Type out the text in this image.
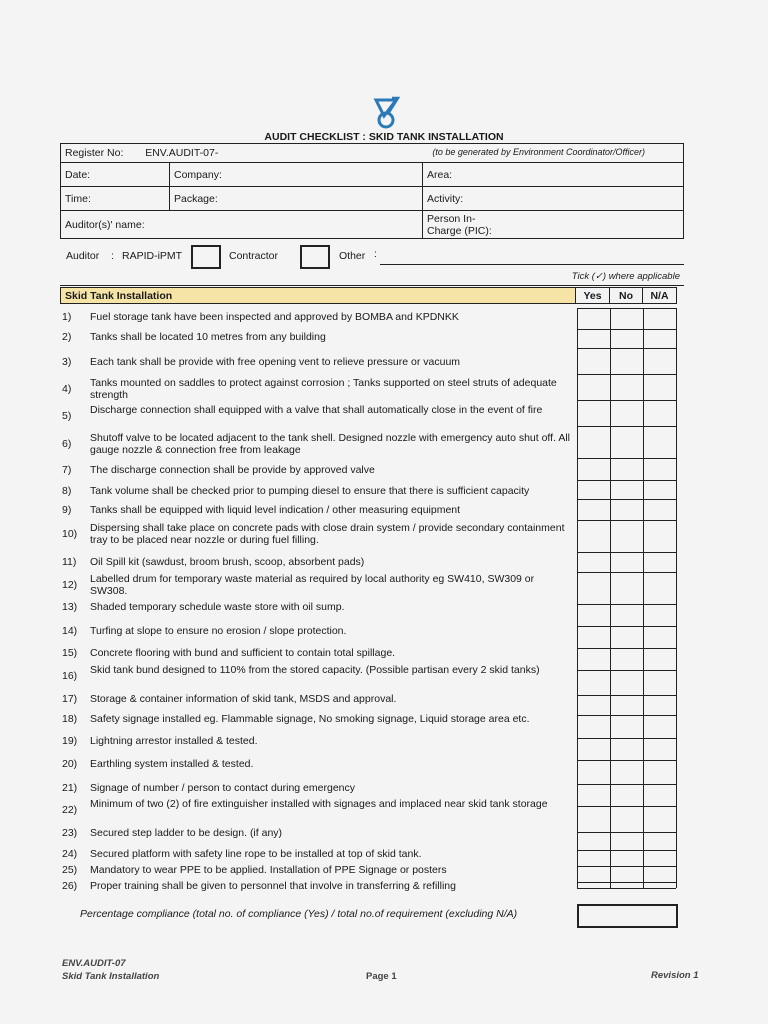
AUDIT CHECKLIST : SKID TANK INSTALLATION
Register No: ENV.AUDIT-07- (to be generated by Environment Coordinator/Officer)		

Date:	Company:	Area:
Time:	Package:	Activity:
Auditor(s)' name:		Person In-
Charge (PIC):
Auditor : RAPID-iPMT	Contractor	Other :
Tick (✓) where applicable
Skid Tank Installation	Yes	No	N/A
1)	Fuel storage tank have been inspected and approved by BOMBA and KPDNKK
2)	Tanks shall be located 10 metres from any building
3)	Each tank shall be provide with free opening vent to relieve pressure or vacuum
4)	Tanks mounted on saddles to protect against corrosion ; Tanks supported on steel struts of adequate strength
5)	Discharge connection shall equipped with a valve that shall automatically close in the event of fire
6)	Shutoff valve to be located adjacent to the tank shell. Designed nozzle with emergency auto shut off. All gauge nozzle & connection free from leakage
7)	The discharge connection shall be provide by approved valve
8)	Tank volume shall be checked prior to pumping diesel to ensure that there is sufficient capacity
9)	Tanks shall be equipped with liquid level indication / other measuring equipment
10)	Dispersing shall take place on concrete pads with close drain system / provide secondary containment tray to be placed near nozzle or during fuel filling.
11)	Oil Spill kit (sawdust, broom brush, scoop, absorbent pads)
12)	Labelled drum for temporary waste material as required by local authority eg SW410, SW309 or SW308.
13)	Shaded temporary schedule waste store with oil sump.
14)	Turfing at slope to ensure no erosion / slope protection.
15)	Concrete flooring with bund and sufficient to contain total spillage.
16)	Skid tank bund designed to 110% from the stored capacity. (Possible partisan every 2 skid tanks)
17)	Storage & container information of skid tank, MSDS and approval.
18)	Safety signage installed eg. Flammable signage, No smoking signage, Liquid storage area etc.
19)	Lightning arrestor installed & tested.
20)	Earthling system installed & tested.
21)	Signage of number / person to contact during emergency
22)	Minimum of two (2) of fire extinguisher installed with signages and implaced near skid tank storage
23)	Secured step ladder to be design. (if any)
24)	Secured platform with safety line rope to be installed at top of skid tank.
25)	Mandatory to wear PPE to be applied. Installation of PPE Signage or posters
26)	Proper training shall be given to personnel that involve in transferring & refilling
Percentage compliance (total no. of compliance (Yes) / total no.of requirement (excluding N/A)
ENV.AUDIT-07
Skid Tank Installation	Page 1	Revision 1
